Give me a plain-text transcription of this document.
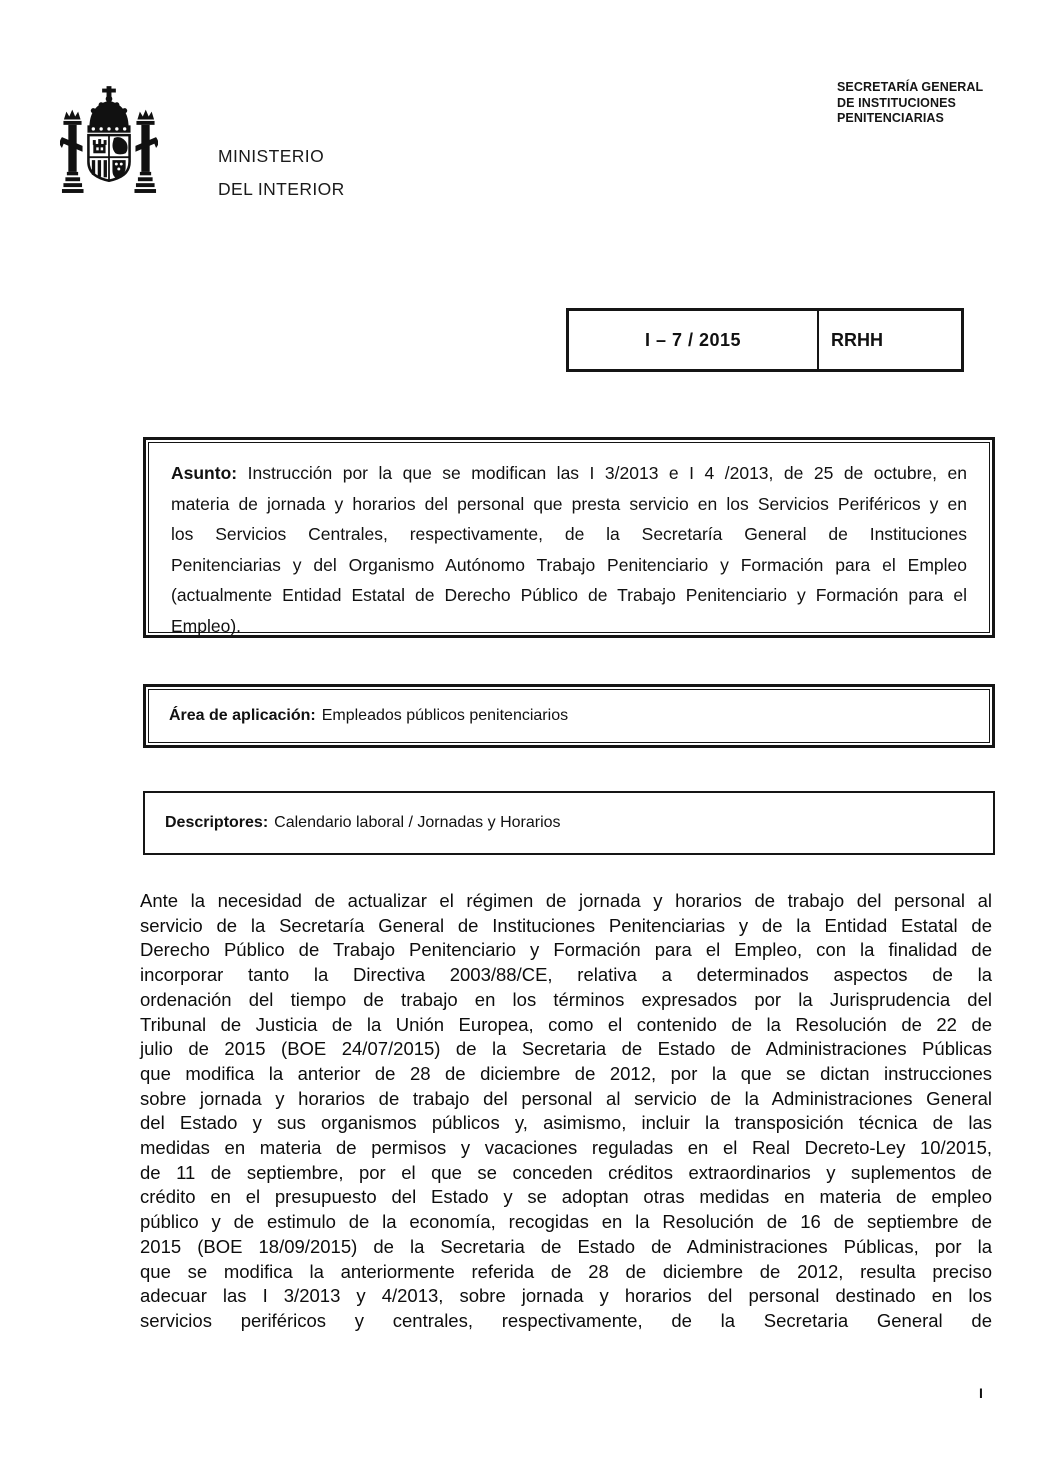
MINISTERIO
DEL INTERIOR
SECRETARÍA GENERAL
DE INSTITUCIONES
PENITENCIARIAS
I – 7 / 2015	RRHH
Asunto: Instrucción por la que se modifican las I 3/2013 e I 4 /2013, de 25 de octubre, en
materia de jornada y horarios del personal que presta servicio en los Servicios Periféricos y en
los Servicios Centrales, respectivamente, de la Secretaría General de Instituciones
Penitenciarias y del Organismo Autónomo Trabajo Penitenciario y Formación para el Empleo
(actualmente Entidad Estatal de Derecho Público de Trabajo Penitenciario y Formación para el
Empleo).
Área de aplicación: Empleados públicos penitenciarios
Descriptores: Calendario laboral / Jornadas y Horarios
Ante la necesidad de actualizar el régimen de jornada y horarios de trabajo del personal al
servicio de la Secretaría General de Instituciones Penitenciarias y de la Entidad Estatal de
Derecho Público de Trabajo Penitenciario y Formación para el Empleo, con la finalidad de
incorporar tanto la Directiva 2003/88/CE, relativa a determinados aspectos de la
ordenación del tiempo de trabajo en los términos expresados por la Jurisprudencia del
Tribunal de Justicia de la Unión Europea, como el contenido de la Resolución de 22 de
julio de 2015 (BOE 24/07/2015) de la Secretaria de Estado de Administraciones Públicas
que modifica la anterior de 28 de diciembre de 2012, por la que se dictan instrucciones
sobre jornada y horarios de trabajo del personal al servicio de la Administraciones General
del Estado y sus organismos públicos y, asimismo, incluir la transposición técnica de las
medidas en materia de permisos y vacaciones reguladas en el Real Decreto-Ley 10/2015,
de 11 de septiembre, por el que se conceden créditos extraordinarios y suplementos de
crédito en el presupuesto del Estado y se adoptan otras medidas en materia de empleo
público y de estimulo de la economía, recogidas en la Resolución de 16 de septiembre de
2015 (BOE 18/09/2015) de la Secretaria de Estado de Administraciones Públicas, por la
que se modifica la anteriormente referida de 28 de diciembre de 2012, resulta preciso
adecuar las I 3/2013 y 4/2013, sobre jornada y horarios del personal destinado en los
servicios periféricos y centrales, respectivamente, de la Secretaria General de
I
